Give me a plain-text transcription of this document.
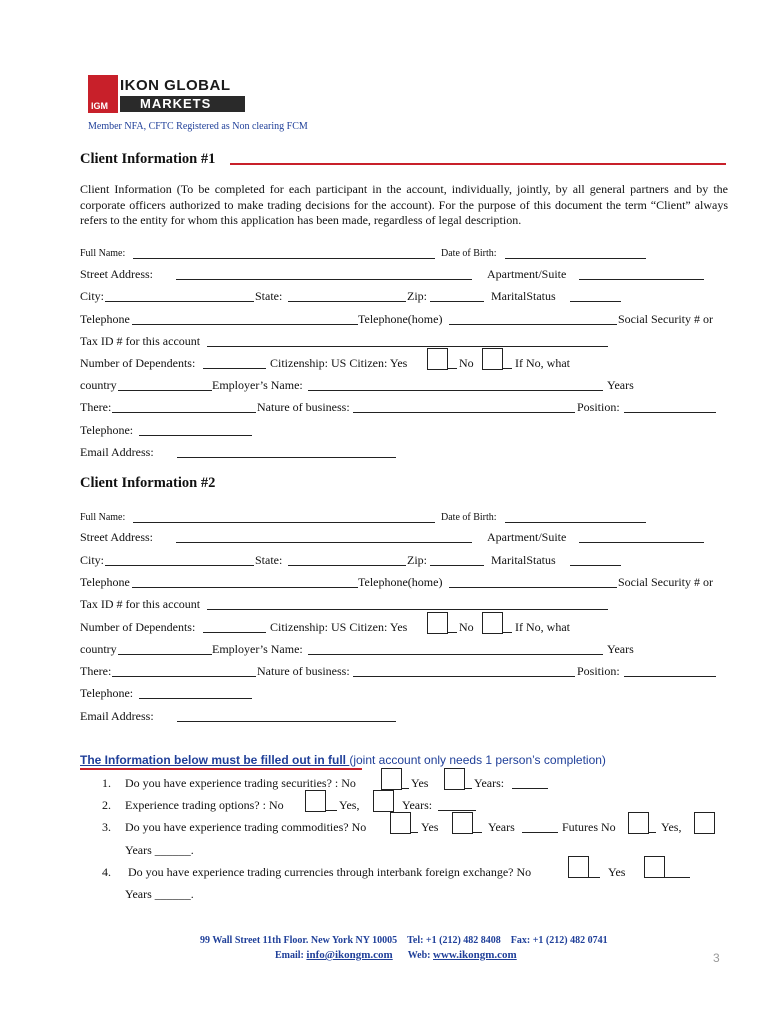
IGM
IKON GLOBAL
MARKETS
Member NFA, CFTC Registered as Non clearing FCM
Client Information #1
Client Information (To be completed for each participant in the account, individually, jointly, by all general partners and by the corporate officers authorized to make trading decisions for the account). For the purpose of this document the term “Client” always refers to the entity for whom this application has been made, regardless of legal description.
Full Name:	Date of Birth:
Street Address:	Apartment/Suite
City:	State:	Zip:	MaritalStatus
Telephone	Telephone(home)	Social Security # or
Tax ID # for this account
Number of Dependents:	Citizenship: US Citizen: Yes	No	If No, what
country	Employer’s Name:	Years
There:	Nature of business:	Position:
Telephone:
Email Address:
Client Information #2
Full Name:	Date of Birth:
Street Address:	Apartment/Suite
City:	State:	Zip:	MaritalStatus
Telephone	Telephone(home)	Social Security # or
Tax ID # for this account
Number of Dependents:	Citizenship: US Citizen: Yes	No	If No, what
country	Employer’s Name:	Years
There:	Nature of business:	Position:
Telephone:
Email Address:
The Information below must be filled out in full (joint account only needs 1 person’s completion)
1. Do you have experience trading securities? : No	Yes	Years:
2. Experience trading options? : No	Yes,	Years:
3. Do you have experience trading commodities? No	Yes	Years	Futures No	Yes,
Years ______.
4. Do you have experience trading currencies through interbank foreign exchange? No	Yes
Years ______.
99 Wall Street 11th Floor. New York NY 10005 Tel: +1 (212) 482 8408 Fax: +1 (212) 482 0741
Email: info@ikongm.com Web: www.ikongm.com	3
